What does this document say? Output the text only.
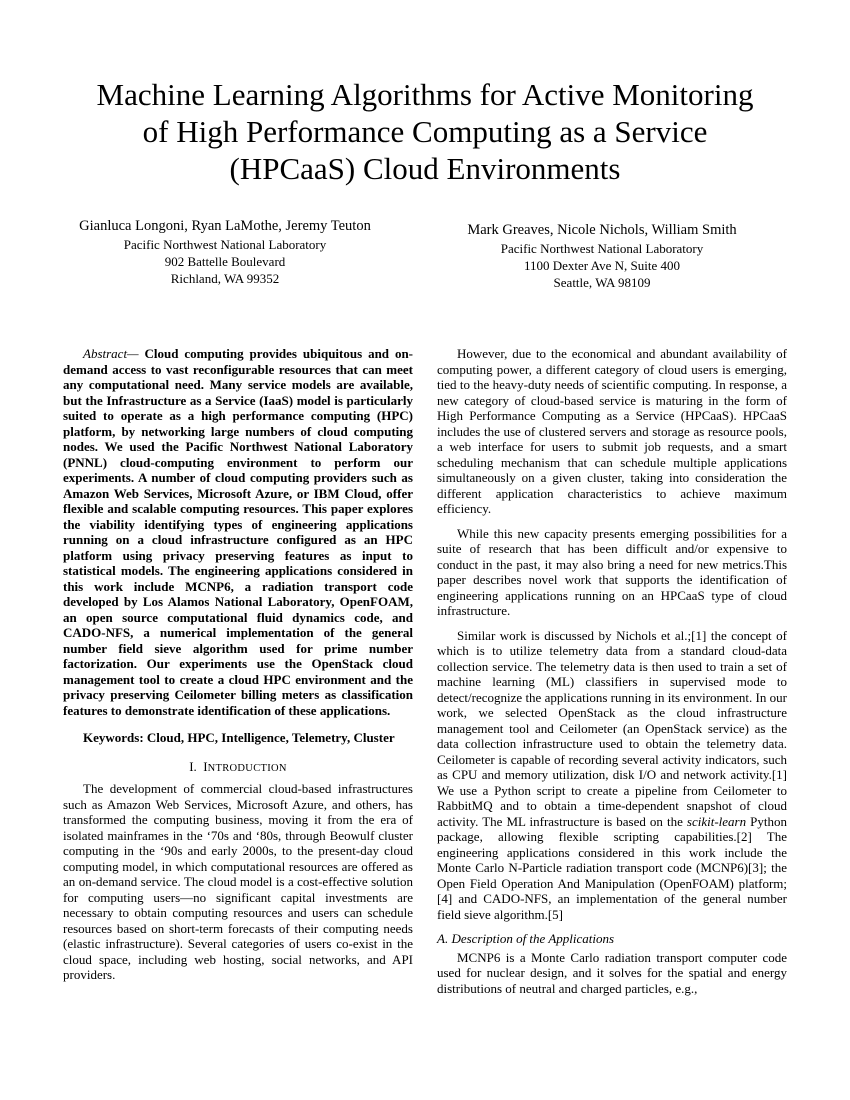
Machine Learning Algorithms for Active Monitoring
of High Performance Computing as a Service
(HPCaaS) Cloud Environments
Gianluca Longoni, Ryan LaMothe, Jeremy Teuton
Pacific Northwest National Laboratory
902 Battelle Boulevard
Richland, WA 99352
Mark Greaves, Nicole Nichols, William Smith
Pacific Northwest National Laboratory
1100 Dexter Ave N, Suite 400
Seattle, WA 98109

Abstract— Cloud computing provides ubiquitous and on-demand access to vast reconfigurable resources that can meet any computational need. Many service models are available, but the Infrastructure as a Service (IaaS) model is particularly suited to operate as a high performance computing (HPC) platform, by networking large numbers of cloud computing nodes. We used the Pacific Northwest National Laboratory (PNNL) cloud-computing environment to perform our experiments. A number of cloud computing providers such as Amazon Web Services, Microsoft Azure, or IBM Cloud, offer flexible and scalable computing resources. This paper explores the viability identifying types of engineering applications running on a cloud infrastructure configured as an HPC platform using privacy preserving features as input to statistical models. The engineering applications considered in this work include MCNP6, a radiation transport code developed by Los Alamos National Laboratory, OpenFOAM, an open source computational fluid dynamics code, and CADO-NFS, a numerical implementation of the general number field sieve algorithm used for prime number factorization. Our experiments use the OpenStack cloud management tool to create a cloud HPC environment and the privacy preserving Ceilometer billing meters as classification features to demonstrate identification of these applications.

Keywords: Cloud, HPC, Intelligence, Telemetry, Cluster

I. INTRODUCTION

The development of commercial cloud-based infrastructures such as Amazon Web Services, Microsoft Azure, and others, has transformed the computing business, moving it from the era of isolated mainframes in the ‘70s and ‘80s, through Beowulf cluster computing in the ‘90s and early 2000s, to the present-day cloud computing model, in which computational resources are offered as an on-demand service. The cloud model is a cost-effective solution for computing users—no significant capital investments are necessary to obtain computing resources and users can schedule resources based on short-term forecasts of their computing needs (elastic infrastructure). Several categories of users co-exist in the cloud space, including web hosting, social networks, and API providers.

However, due to the economical and abundant availability of computing power, a different category of cloud users is emerging, tied to the heavy-duty needs of scientific computing. In response, a new category of cloud-based service is maturing in the form of High Performance Computing as a Service (HPCaaS). HPCaaS includes the use of clustered servers and storage as resource pools, a web interface for users to submit job requests, and a smart scheduling mechanism that can schedule multiple applications simultaneously on a given cluster, taking into consideration the different application characteristics to achieve maximum efficiency.

While this new capacity presents emerging possibilities for a suite of research that has been difficult and/or expensive to conduct in the past, it may also bring a need for new metrics.This paper describes novel work that supports the identification of engineering applications running on an HPCaaS type of cloud infrastructure.

Similar work is discussed by Nichols et al.;[1] the concept of which is to utilize telemetry data from a standard cloud-data collection service. The telemetry data is then used to train a set of machine learning (ML) classifiers in supervised mode to detect/recognize the applications running in its environment. In our work, we selected OpenStack as the cloud infrastructure management tool and Ceilometer (an OpenStack service) as the data collection infrastructure used to obtain the telemetry data. Ceilometer is capable of recording several activity indicators, such as CPU and memory utilization, disk I/O and network activity.[1] We use a Python script to create a pipeline from Ceilometer to RabbitMQ and to obtain a time-dependent snapshot of cloud activity. The ML infrastructure is based on the scikit-learn Python package, allowing flexible scripting capabilities.[2] The engineering applications considered in this work include the Monte Carlo N-Particle radiation transport code (MCNP6)[3]; the Open Field Operation And Manipulation (OpenFOAM) platform;[4] and CADO-NFS, an implementation of the general number field sieve algorithm.[5]

A. Description of the Applications

MCNP6 is a Monte Carlo radiation transport computer code used for nuclear design, and it solves for the spatial and energy distributions of neutral and charged particles, e.g.,
